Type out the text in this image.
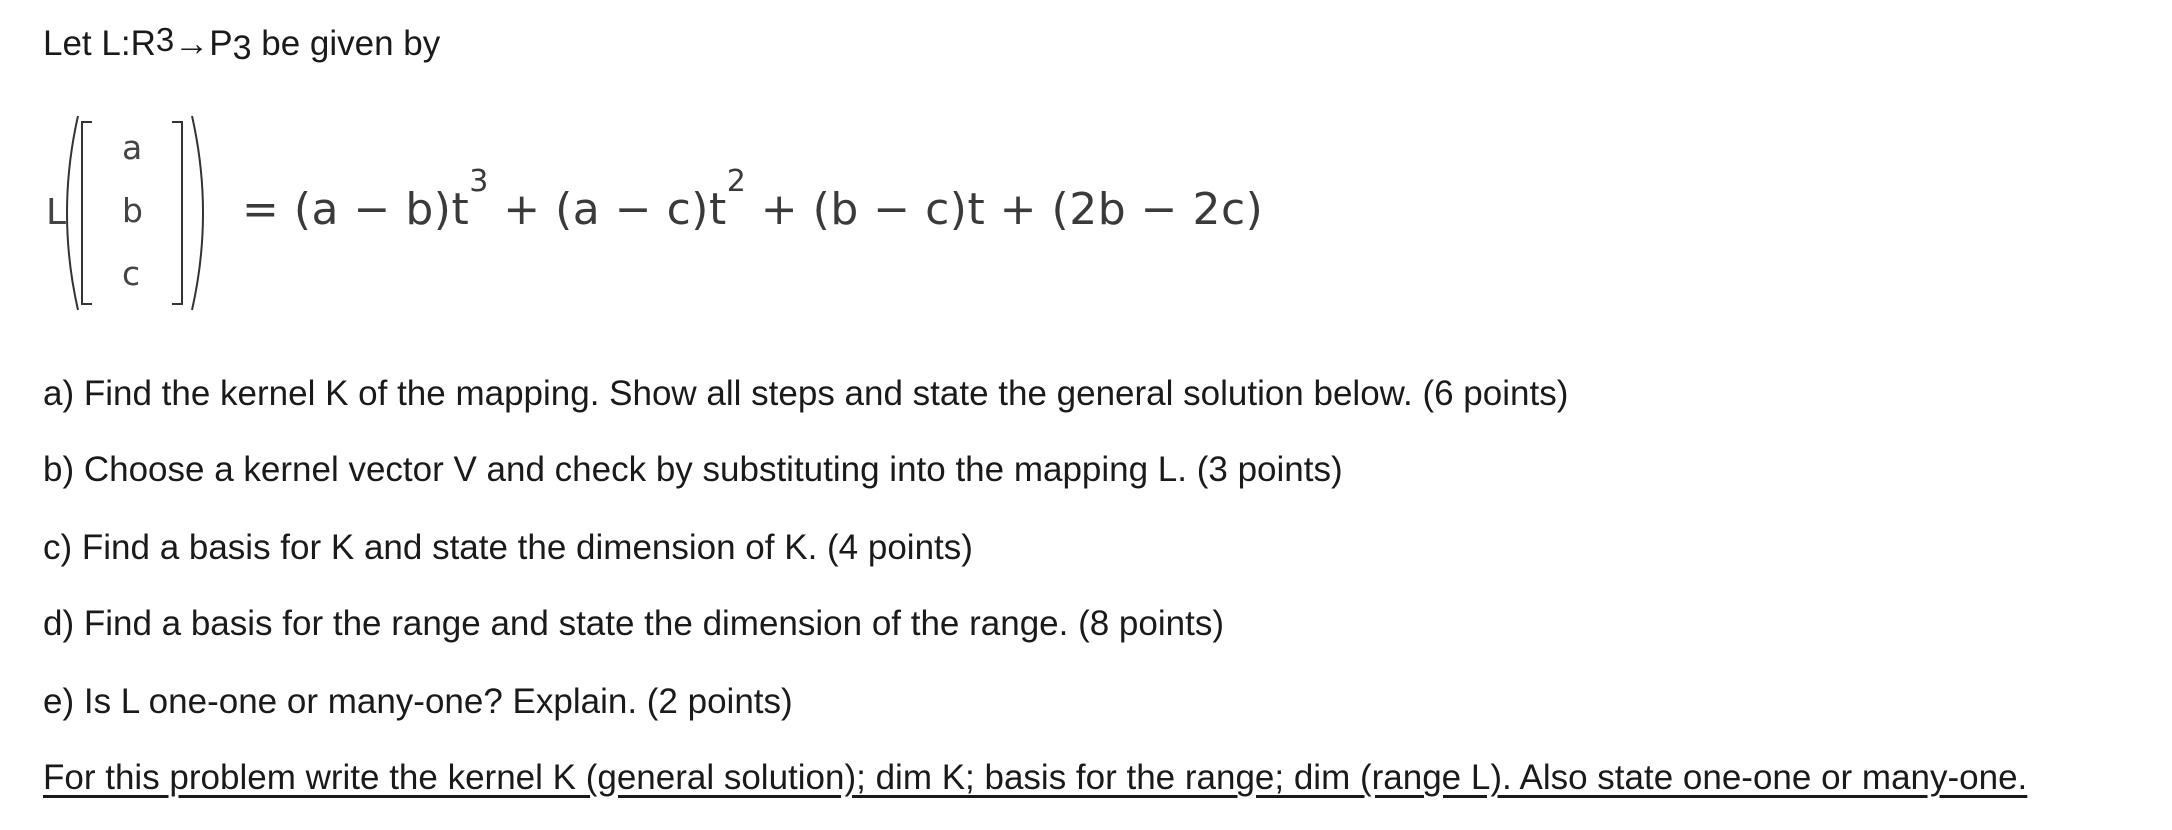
Let $L:R^3\to P_3$ be given by
L
a
b
c
= $(a - b)t^3 + (a - c)t^2 + (b - c)t + (2b - 2c)$
a) Find the kernel K of the mapping. Show all steps and state the general solution below. (6 points)
b) Choose a kernel vector V and check by substituting into the mapping L. (3 points)
c) Find a basis for K and state the dimension of K. (4 points)
d) Find a basis for the range and state the dimension of the range. (8 points)
e) Is L one-one or many-one? Explain. (2 points)
For this problem write the kernel K (general solution); dim K; basis for the range; dim (range L). Also state one-one or many-one.
